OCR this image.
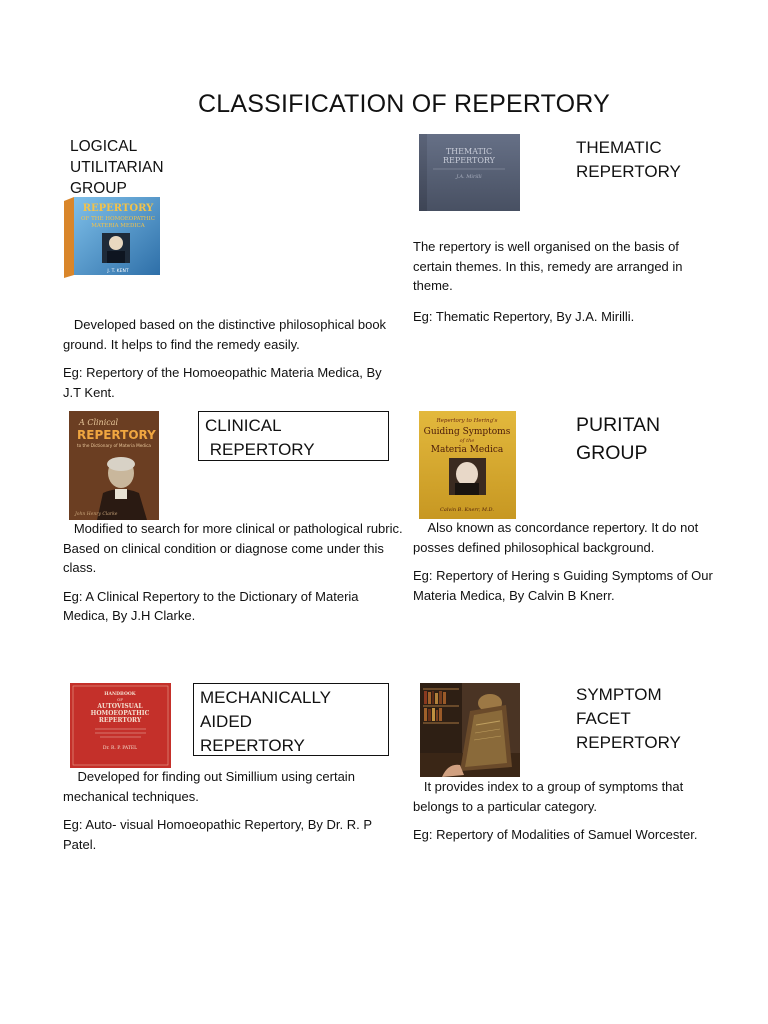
CLASSIFICATION OF REPERTORY
LOGICAL
UTILITARIAN
GROUP
REPERTORY
OF THE HOMOEOPATHIC
MATERIA MEDICA
J. T. KENT

Developed based on the distinctive philosophical book ground. It helps to find the remedy easily.

Eg: Repertory of the Homoeopathic Materia Medica, By J.T Kent.

THEMATIC
REPERTORY
J.A. Mirilli
THEMATIC
REPERTORY

The repertory is well organised on the basis of certain themes. In this, remedy are arranged in theme.

Eg: Thematic Repertory, By J.A. Mirilli.

A Clinical
REPERTORY
to the Dictionary of Materia Medica
John Henry Clarke
CLINICAL
REPERTORY

Modified to search for more clinical or pathological rubric. Based on clinical condition or diagnose come under this class.

Eg: A Clinical Repertory to the Dictionary of Materia Medica, By J.H Clarke.

Repertory to Hering's
Guiding Symptoms
of the
Materia Medica
Calvin B. Knerr, M.D.
PURITAN
GROUP

Also known as concordance repertory. It do not posses defined philosophical background.

Eg: Repertory of Hering s Guiding Symptoms of Our Materia Medica, By Calvin B Knerr.

HANDBOOK
OF
AUTOVISUAL
HOMOEOPATHIC
REPERTORY
Dr. R. P. PATEL
MECHANICALLY
AIDED
REPERTORY

Developed for finding out Simillium using certain mechanical techniques.

Eg: Auto- visual Homoeopathic Repertory, By Dr. R. P Patel.

SYMPTOM
FACET
REPERTORY

It provides index to a group of symptoms that belongs to a particular category.

Eg: Repertory of Modalities of Samuel Worcester.
